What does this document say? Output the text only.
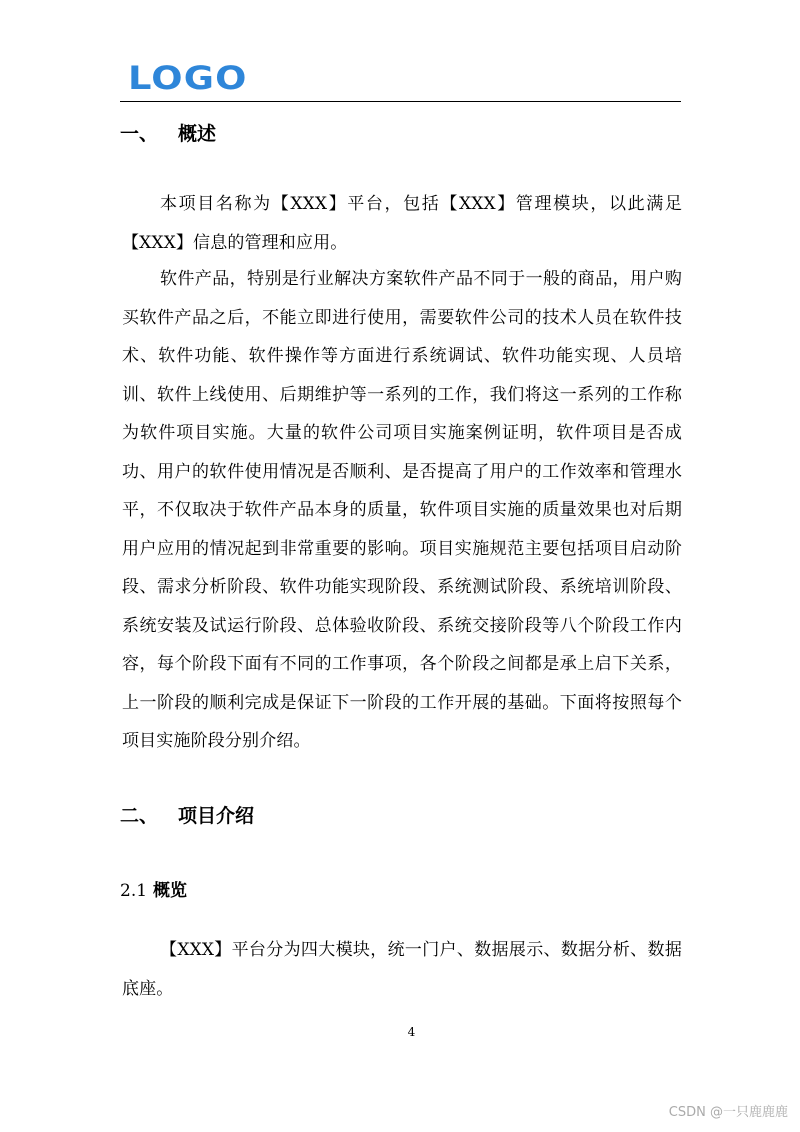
LOGO
一、 概述
本项目名称为【XXX】平台，包括【XXX】管理模块，以此满足【XXX】信息的管理和应用。
软件产品，特别是行业解决方案软件产品不同于一般的商品，用户购买软件产品之后，不能立即进行使用，需要软件公司的技术人员在软件技术、软件功能、软件操作等方面进行系统调试、软件功能实现、人员培训、软件上线使用、后期维护等一系列的工作，我们将这一系列的工作称为软件项目实施。大量的软件公司项目实施案例证明，软件项目是否成功、用户的软件使用情况是否顺利、是否提高了用户的工作效率和管理水平，不仅取决于软件产品本身的质量，软件项目实施的质量效果也对后期用户应用的情况起到非常重要的影响。项目实施规范主要包括项目启动阶段、需求分析阶段、软件功能实现阶段、系统测试阶段、系统培训阶段、系统安装及试运行阶段、总体验收阶段、系统交接阶段等八个阶段工作内容，每个阶段下面有不同的工作事项，各个阶段之间都是承上启下关系，上一阶段的顺利完成是保证下一阶段的工作开展的基础。下面将按照每个项目实施阶段分别介绍。
二、 项目介绍
2.1 概览
【XXX】平台分为四大模块，统一门户、数据展示、数据分析、数据底座。
4
CSDN @一只鹿鹿鹿
